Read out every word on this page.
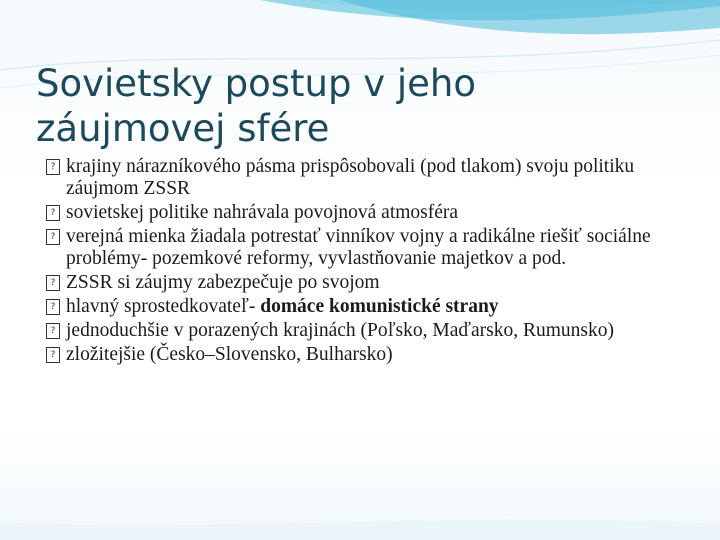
Sovietsky postup v jeho
záujmovej sfére
? krajiny nárazníkového pásma prispôsobovali (pod tlakom) svoju politiku záujmom ZSSR
? sovietskej politike nahrávala povojnová atmosféra
? verejná mienka žiadala potrestať vinníkov vojny a radikálne riešiť sociálne problémy- pozemkové reformy, vyvlastňovanie majetkov a pod.
? ZSSR si záujmy zabezpečuje po svojom
? hlavný sprostedkovateľ- domáce komunistické strany
? jednoduchšie v porazených krajinách (Poľsko, Maďarsko, Rumunsko)
? zložitejšie (Česko–Slovensko, Bulharsko)
